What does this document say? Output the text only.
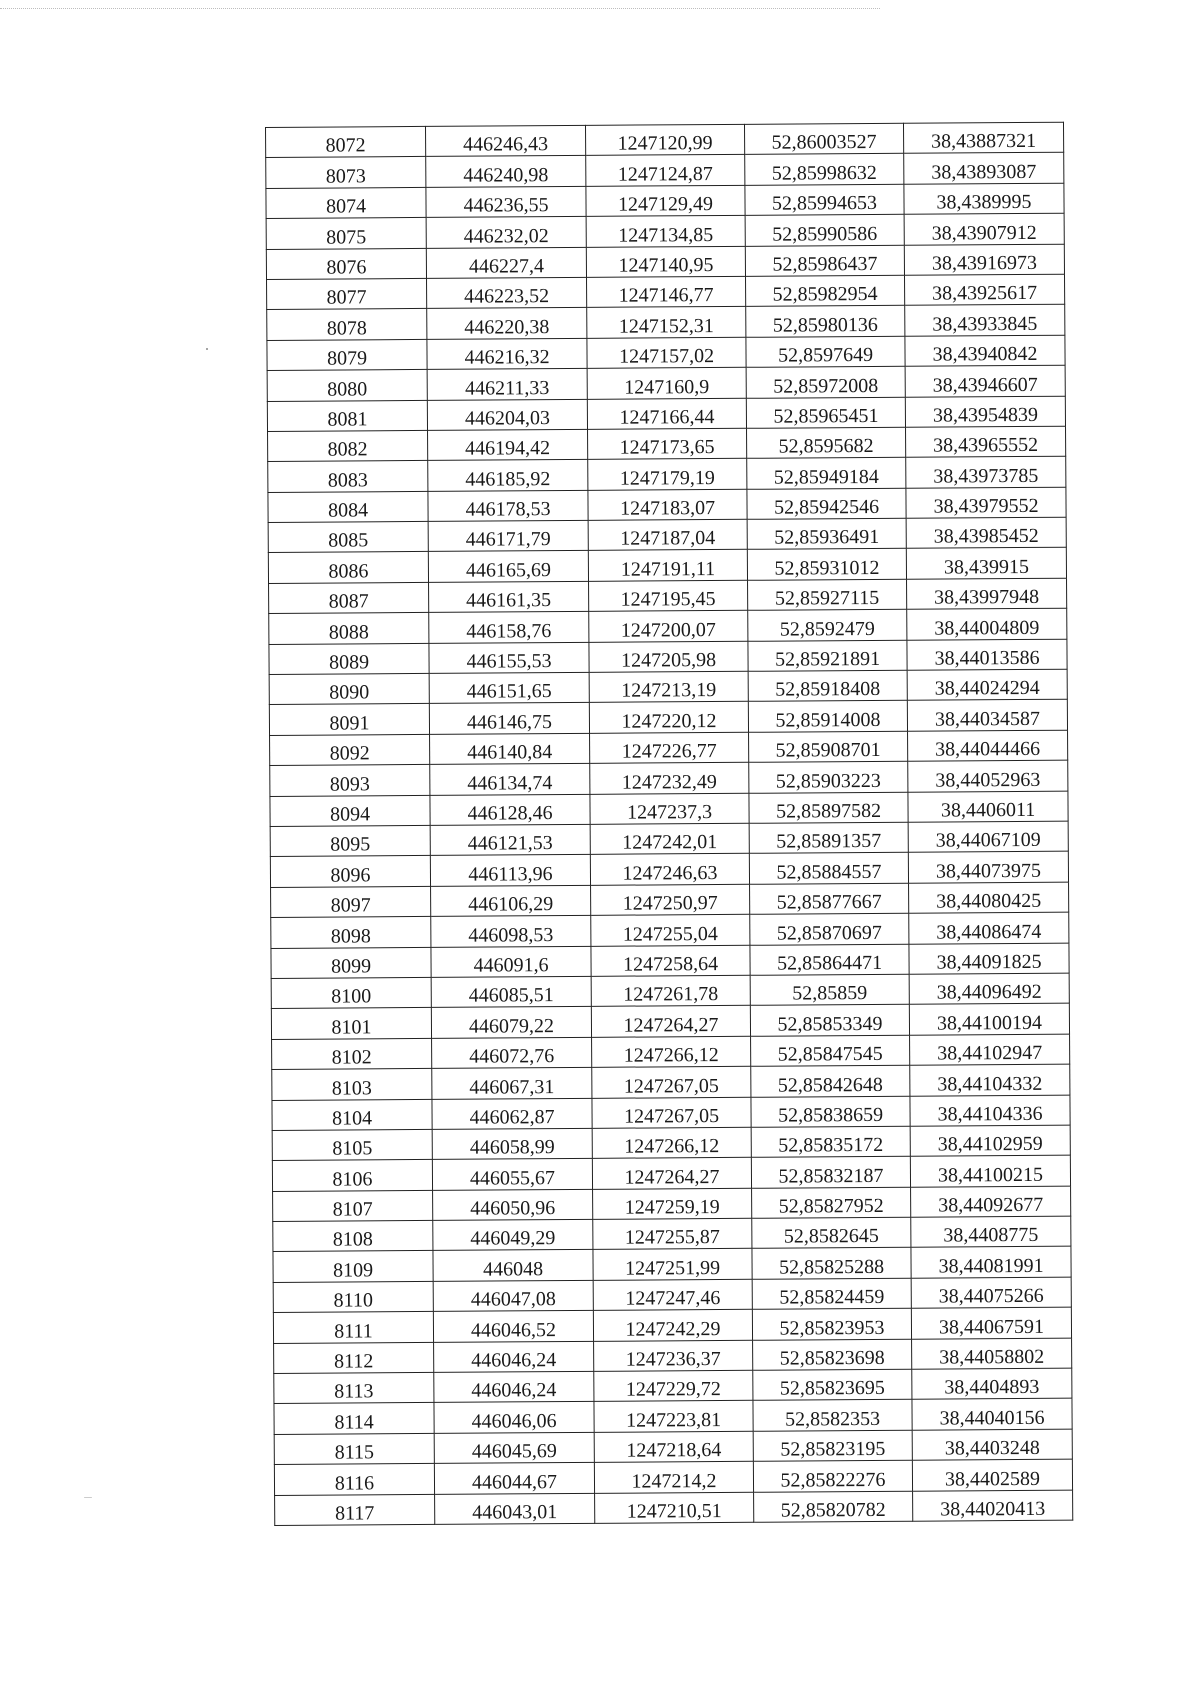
8072	446246,43	1247120,99	52,86003527	38,43887321
8073	446240,98	1247124,87	52,85998632	38,43893087
8074	446236,55	1247129,49	52,85994653	38,4389995
8075	446232,02	1247134,85	52,85990586	38,43907912
8076	446227,4	1247140,95	52,85986437	38,43916973
8077	446223,52	1247146,77	52,85982954	38,43925617
8078	446220,38	1247152,31	52,85980136	38,43933845
8079	446216,32	1247157,02	52,8597649	38,43940842
8080	446211,33	1247160,9	52,85972008	38,43946607
8081	446204,03	1247166,44	52,85965451	38,43954839
8082	446194,42	1247173,65	52,8595682	38,43965552
8083	446185,92	1247179,19	52,85949184	38,43973785
8084	446178,53	1247183,07	52,85942546	38,43979552
8085	446171,79	1247187,04	52,85936491	38,43985452
8086	446165,69	1247191,11	52,85931012	38,439915
8087	446161,35	1247195,45	52,85927115	38,43997948
8088	446158,76	1247200,07	52,8592479	38,44004809
8089	446155,53	1247205,98	52,85921891	38,44013586
8090	446151,65	1247213,19	52,85918408	38,44024294
8091	446146,75	1247220,12	52,85914008	38,44034587
8092	446140,84	1247226,77	52,85908701	38,44044466
8093	446134,74	1247232,49	52,85903223	38,44052963
8094	446128,46	1247237,3	52,85897582	38,4406011
8095	446121,53	1247242,01	52,85891357	38,44067109
8096	446113,96	1247246,63	52,85884557	38,44073975
8097	446106,29	1247250,97	52,85877667	38,44080425
8098	446098,53	1247255,04	52,85870697	38,44086474
8099	446091,6	1247258,64	52,85864471	38,44091825
8100	446085,51	1247261,78	52,85859	38,44096492
8101	446079,22	1247264,27	52,85853349	38,44100194
8102	446072,76	1247266,12	52,85847545	38,44102947
8103	446067,31	1247267,05	52,85842648	38,44104332
8104	446062,87	1247267,05	52,85838659	38,44104336
8105	446058,99	1247266,12	52,85835172	38,44102959
8106	446055,67	1247264,27	52,85832187	38,44100215
8107	446050,96	1247259,19	52,85827952	38,44092677
8108	446049,29	1247255,87	52,8582645	38,4408775
8109	446048	1247251,99	52,85825288	38,44081991
8110	446047,08	1247247,46	52,85824459	38,44075266
8111	446046,52	1247242,29	52,85823953	38,44067591
8112	446046,24	1247236,37	52,85823698	38,44058802
8113	446046,24	1247229,72	52,85823695	38,4404893
8114	446046,06	1247223,81	52,8582353	38,44040156
8115	446045,69	1247218,64	52,85823195	38,4403248
8116	446044,67	1247214,2	52,85822276	38,4402589
8117	446043,01	1247210,51	52,85820782	38,44020413
